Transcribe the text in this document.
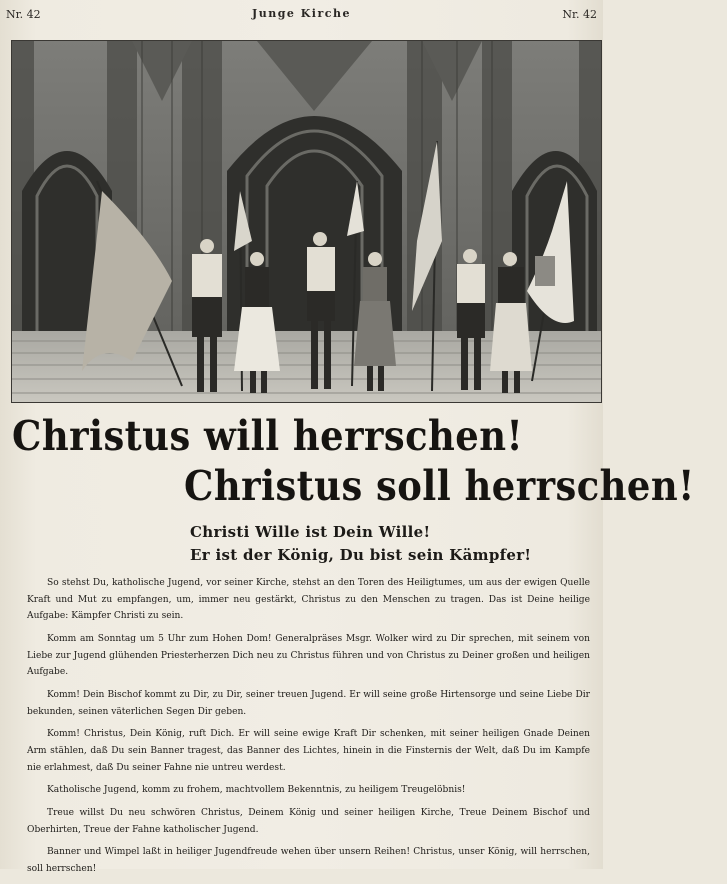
Nr. 42	Junge Kirche	Nr. 42
Christus will herrschen!
Christus soll herrschen!
Christi Wille ist Dein Wille!
Er ist der König, Du bist sein Kämpfer!

So stehst Du, katholische Jugend, vor seiner Kirche, stehst an den Toren des Heiligtumes, um aus der ewigen Quelle Kraft und Mut zu empfangen, um, immer neu gestärkt, Christus zu den Menschen zu tragen. Das ist Deine heilige Aufgabe: Kämpfer Christi zu sein.

Komm am Sonntag um 5 Uhr zum Hohen Dom! Generalpräses Msgr. Wolker wird zu Dir sprechen, mit seinem von Liebe zur Jugend glühenden Priesterherzen Dich neu zu Christus führen und von Christus zu Deiner großen und heiligen Aufgabe.

Komm! Dein Bischof kommt zu Dir, zu Dir, seiner treuen Jugend. Er will seine große Hirtensorge und seine Liebe Dir bekunden, seinen väterlichen Segen Dir geben.

Komm! Christus, Dein König, ruft Dich. Er will seine ewige Kraft Dir schenken, mit seiner heiligen Gnade Deinen Arm stählen, daß Du sein Banner tragest, das Banner des Lichtes, hinein in die Finsternis der Welt, daß Du im Kampfe nie erlahmest, daß Du seiner Fahne nie untreu werdest.

Katholische Jugend, komm zu frohem, machtvollem Bekenntnis, zu heiligem Treugelöbnis!

Treue willst Du neu schwören Christus, Deinem König und seiner heiligen Kirche, Treue Deinem Bischof und Oberhirten, Treue der Fahne katholischer Jugend.

Banner und Wimpel laßt in heiliger Jugendfreude wehen über unsern Reihen! Christus, unser König, will herrschen, soll herrschen!
